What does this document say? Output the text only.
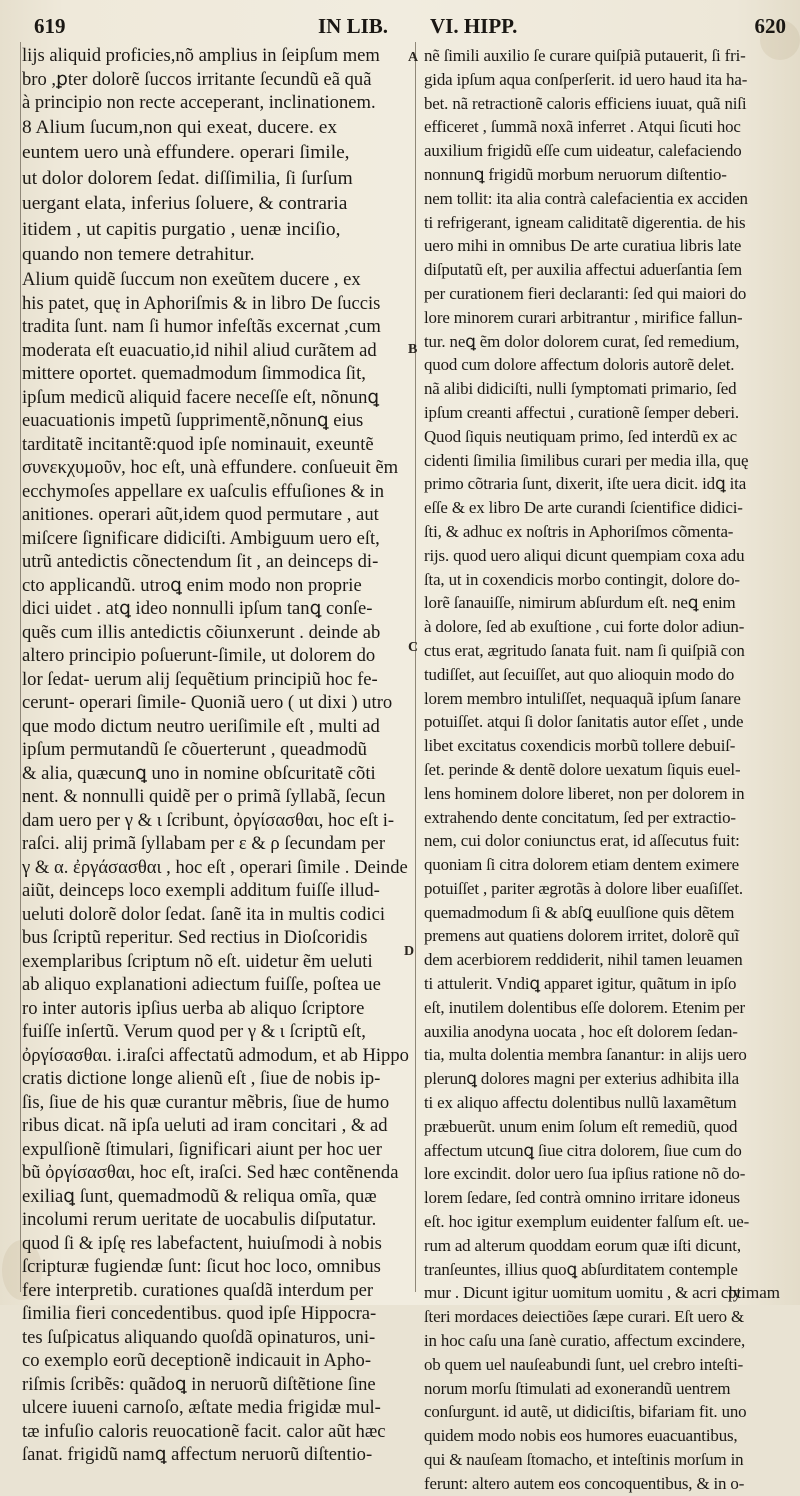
619	IN LIB. VI. HIPP.	620
A
B
C
D
lijs aliquid proficies,nõ amplius in ſeipſum mem
bro ,ꝑter dolorẽ ſuccos irritante ſecundũ eã quã
à principio non recte acceperant, inclinationem.
8 Alium ſucum,non qui exeat, ducere. ex
euntem uero unà effundere. operari ſimile,
ut dolor dolorem ſedat. diſſimilia, ſi ſurſum
uergant elata, inferius ſoluere, & contraria
itidem , ut capitis purgatio , uenæ inciſio,
quando non temere detrahitur.
Alium quidẽ ſuccum non exeũtem ducere , ex
his patet, quę in Aphoriſmis & in libro De ſuccis
tradita ſunt. nam ſi humor infeſtãs excernat ,cum
moderata eſt euacuatio,id nihil aliud curãtem ad
mittere oportet. quemadmodum ſimmodica ſit,
ipſum medicũ aliquid facere neceſſe eſt, nõnunꝗ
euacuationis impetũ ſupprimentẽ,nõnunꝗ eius
tarditatẽ incitantẽ:quod ipſe nominauit, exeuntẽ
συνεκχυμοῦν, hoc eſt, unà effundere. conſueuit ẽm
ecchymoſes appellare ex uaſculis effuſiones & in
anitiones. operari aũt,idem quod permutare , aut
miſcere ſignificare didiciſti. Ambiguum uero eſt,
utrũ antedictis cõnectendum ſit , an deinceps di-
cto applicandũ. utroꝗ enim modo non proprie
dici uidet . atꝗ ideo nonnulli ipſum tanꝗ conſe-
quẽs cum illis antedictis cõiunxerunt . deinde ab
altero principio poſuerunt-ſimile, ut dolorem do
lor ſedat- uerum alij ſequẽtium principiũ hoc fe-
cerunt- operari ſimile- Quoniã uero ( ut dixi ) utro
que modo dictum neutro ueriſimile eſt , multi ad
ipſum permutandũ ſe cõuerterunt , queadmodũ
& alia, quæcunꝗ uno in nomine obſcuritatẽ cõti
nent. & nonnulli quidẽ per o primã ſyllabã, ſecun
dam uero per γ & ι ſcribunt, ὀργίσασθαι, hoc eſt i-
raſci. alij primã ſyllabam per ε & ρ ſecundam per
γ & α. ἐργάσασθαι , hoc eſt , operari ſimile . Deinde
aiũt, deinceps loco exempli additum fuiſſe illud-
ueluti dolorẽ dolor ſedat. ſanẽ ita in multis codici
bus ſcriptũ reperitur. Sed rectius in Dioſcoridis
exemplaribus ſcriptum nõ eſt. uidetur ẽm ueluti
ab aliquo explanationi adiectum fuiſſe, poſtea ue
ro inter autoris ipſius uerba ab aliquo ſcriptore
fuiſſe inſertũ. Verum quod per γ & ι ſcriptũ eſt,
ὀργίσασθαι. i.iraſci affectatũ admodum, et ab Hippo
cratis dictione longe alienũ eſt , ſiue de nobis ip-
ſis, ſiue de his quæ curantur mẽbris, ſiue de humo
ribus dicat. nã ipſa ueluti ad iram concitari , & ad
expulſionẽ ſtimulari, ſignificari aiunt per hoc uer
bũ ὀργίσασθαι, hoc eſt, iraſci. Sed hæc contẽnenda
exiliaꝗ ſunt, quemadmodũ & reliqua omĩa, quæ
incolumi rerum ueritate de uocabulis diſputatur.
quod ſi & ipſę res labefactent, huiuſmodi à nobis
ſcripturæ fugiendæ ſunt: ſicut hoc loco, omnibus
fere interpretib. curationes quaſdã interdum per
ſimilia fieri concedentibus. quod ipſe Hippocra-
tes ſuſpicatus aliquando quoſdã opinaturos, uni-
co exemplo eorũ deceptionẽ indicauit in Apho-
riſmis ſcribẽs: quãdoꝗ in neruorũ diſtẽtione ſine
ulcere iuueni carnoſo, æſtate media frigidæ mul-
tæ infuſio caloris reuocationẽ facit. calor aũt hæc
ſanat. frigidũ namꝗ affectum neruorũ diſtentio-
nẽ ſimili auxilio ſe curare quiſpiã putauerit, ſi fri-
gida ipſum aqua conſperſerit. id uero haud ita ha-
bet. nã retractionẽ caloris efficiens iuuat, quã niſi
efficeret , ſummã noxã inferret . Atqui ſicuti hoc
auxilium frigidũ eſſe cum uideatur, calefaciendo
nonnunꝗ frigidũ morbum neruorum diſtentio-
nem tollit: ita alia contrà calefacientia ex acciden
ti refrigerant, igneam caliditatẽ digerentia. de his
uero mihi in omnibus De arte curatiua libris late
diſputatũ eſt, per auxilia affectui aduerſantia ſem
per curationem fieri declaranti: ſed qui maiori do
lore minorem curari arbitrantur , mirifice fallun-
tur. neꝗ ẽm dolor dolorem curat, ſed remedium,
quod cum dolore affectum doloris autorẽ delet.
nã alibi didiciſti, nulli ſymptomati primario, ſed
ipſum creanti affectui , curationẽ ſemper deberi.
Quod ſiquis neutiquam primo, ſed interdũ ex ac
cidenti ſimilia ſimilibus curari per media illa, quę
primo cõtraria ſunt, dixerit, iſte uera dicit. idꝗ ita
eſſe & ex libro De arte curandi ſcientifice didici-
ſti, & adhuc ex noſtris in Aphoriſmos cõmenta-
rijs. quod uero aliqui dicunt quempiam coxa adu
ſta, ut in coxendicis morbo contingit, dolore do-
lorẽ ſanauiſſe, nimirum abſurdum eſt. neꝗ enim
à dolore, ſed ab exuſtione , cui forte dolor adiun-
ctus erat, ægritudo ſanata fuit. nam ſi quiſpiã con
tudiſſet, aut ſecuiſſet, aut quo alioquin modo do
lorem membro intuliſſet, nequaquã ipſum ſanare
potuiſſet. atqui ſi dolor ſanitatis autor eſſet , unde
libet excitatus coxendicis morbũ tollere debuiſ-
ſet. perinde & dentẽ dolore uexatum ſiquis euel-
lens hominem dolore liberet, non per dolorem in
extrahendo dente concitatum, ſed per extractio-
nem, cui dolor coniunctus erat, id aſſecutus fuit:
quoniam ſi citra dolorem etiam dentem eximere
potuiſſet , pariter ægrotãs à dolore liber euaſiſſet.
quemadmodum ſi & abſꝗ euulſione quis dẽtem
premens aut quatiens dolorem irritet, dolorẽ quĩ
dem acerbiorem reddiderit, nihil tamen leuamen
ti attulerit. Vndiꝗ apparet igitur, quãtum in ipſo
eſt, inutilem dolentibus eſſe dolorem. Etenim per
auxilia anodyna uocata , hoc eſt dolorem ſedan-
tia, multa dolentia membra ſanantur: in alijs uero
plerunꝗ dolores magni per exterius adhibita illa
ti ex aliquo affectu dolentibus nullũ laxamẽtum
præbuerũt. unum enim ſolum eſt remediũ, quod
affectum utcunꝗ ſiue citra dolorem, ſiue cum do
lore excindit. dolor uero ſua ipſius ratione nõ do-
lorem ſedare, ſed contrà omnino irritare idoneus
eſt. hoc igitur exemplum euidenter falſum eſt. ue-
rum ad alterum quoddam eorum quæ iſti dicunt,
tranſeuntes, illius quoꝗ abſurditatem contemple
mur . Dicunt igitur uomitum uomitu , & acri cly
ſteri mordaces deiectiões ſæpe curari. Eſt uero &
in hoc caſu una ſanè curatio, affectum excindere,
ob quem uel nauſeabundi ſunt, uel crebro inteſti-
norum morſu ſtimulati ad exonerandũ uentrem
conſurgunt. id autẽ, ut didiciſtis, bifariam fit. uno
quidem modo nobis eos humores euacuantibus,
qui & nauſeam ſtomacho, et inteſtinis morſum in
ferunt: altero autem eos concoquentibus, & in o-
ptimam
